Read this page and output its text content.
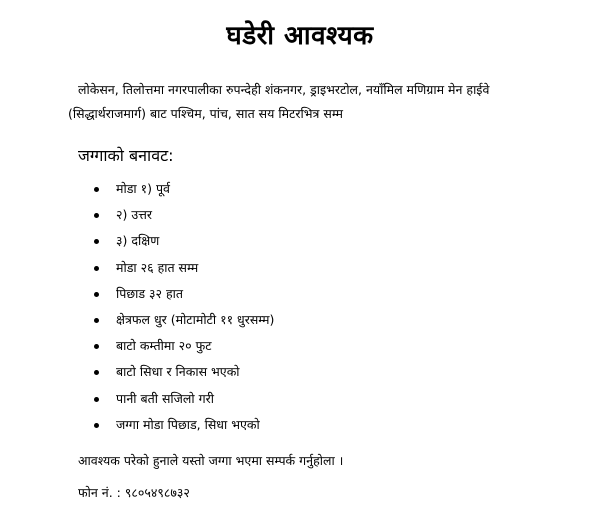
घडेरी आवश्यक
लोकेसन, तिलोत्तमा नगरपालीका रुपन्देही शंकनगर, ड्राइभरटोल, नयाँमिल मणिग्राम मेन हाईवे
(सिद्धार्थराजमार्ग) बाट पश्चिम, पांच, सात सय मिटरभित्र सम्म
जग्गाको बनावट:
मोडा १) पूर्व
२) उत्तर
३) दक्षिण
मोडा २६ हात सम्म
पिछाड ३२ हात
क्षेत्रफल धुर (मोटामोटी ११ धुरसम्म)
बाटो कम्तीमा २० फुट
बाटो सिधा र निकास भएको
पानी बती सजिलो गरी
जग्गा मोडा पिछाड, सिधा भएको
आवश्यक परेको हुनाले यस्तो जग्गा भएमा सम्पर्क गर्नुहोला ।
फोन नं. : ९८०५४९८७३२
